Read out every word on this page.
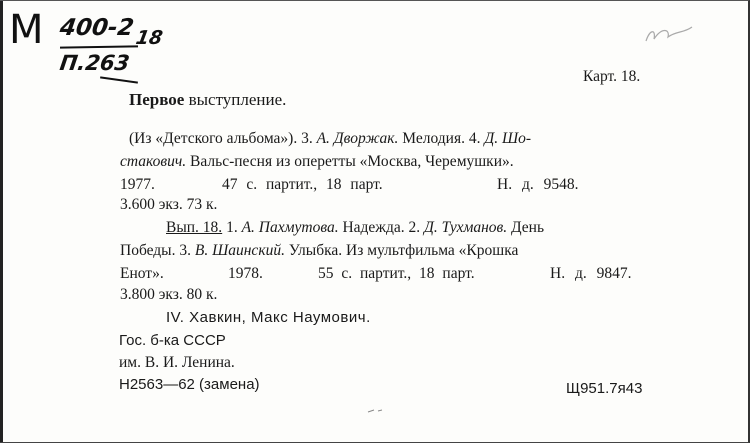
M 400-2
П.263
18
Карт. 18.
Первое выступление.
(Из «Детского альбома»). 3. А. Дворжак. Мелодия. 4. Д. Шо-
стакович. Вальс-песня из оперетты «Москва, Черемушки».
1977.	47 с. партит., 18 парт.	Н. д. 9548.
3.600 экз. 73 к.
Вып. 18. 1. А. Пахмутова. Надежда. 2. Д. Тухманов. День
Победы. 3. В. Шаинский. Улыбка. Из мультфильма «Крошка
Енот».	1978.	55 с. партит., 18 парт.	Н. д. 9847.
3.800 экз. 80 к.
IV. Хавкин, Макс Наумович.
Гос. б-ка СССР
им. В. И. Ленина.
Н2563—62 (замена)	Щ951.7я43
